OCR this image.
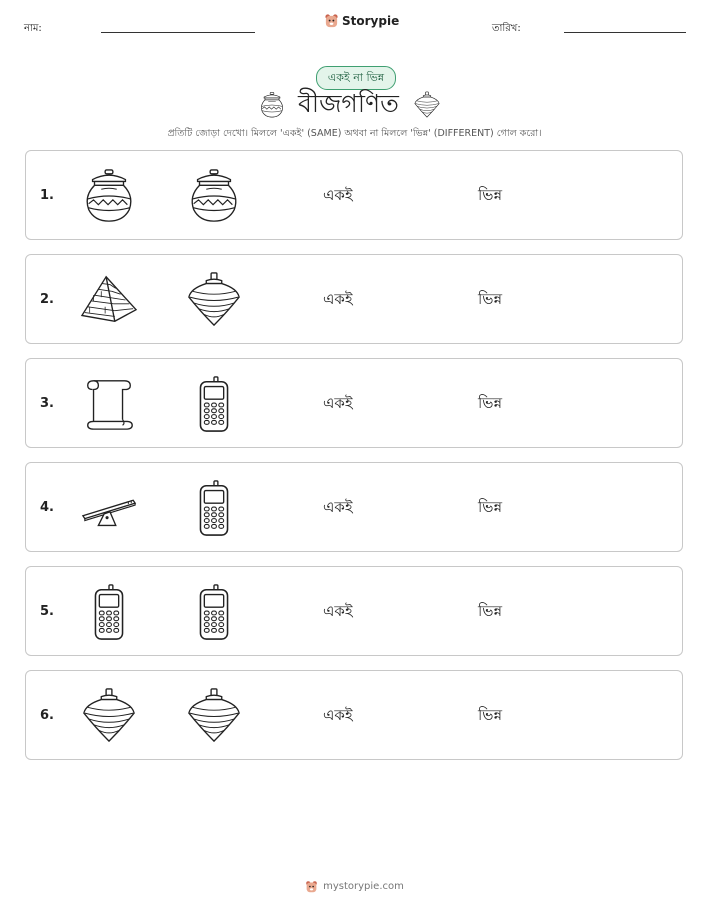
নাম:
Storypie
তারিখ:
একই না ভিন্ন
বীজগণিত
প্রতিটি জোড়া দেখো। মিললে 'একই' (SAME) অথবা না মিললে 'ভিন্ন' (DIFFERENT) গোল করো।
1.	একই	ভিন্ন
2.	একই	ভিন্ন
3.	একই	ভিন্ন
4.	একই	ভিন্ন
5.	একই	ভিন্ন
6.	একই	ভিন্ন
mystorypie.com
